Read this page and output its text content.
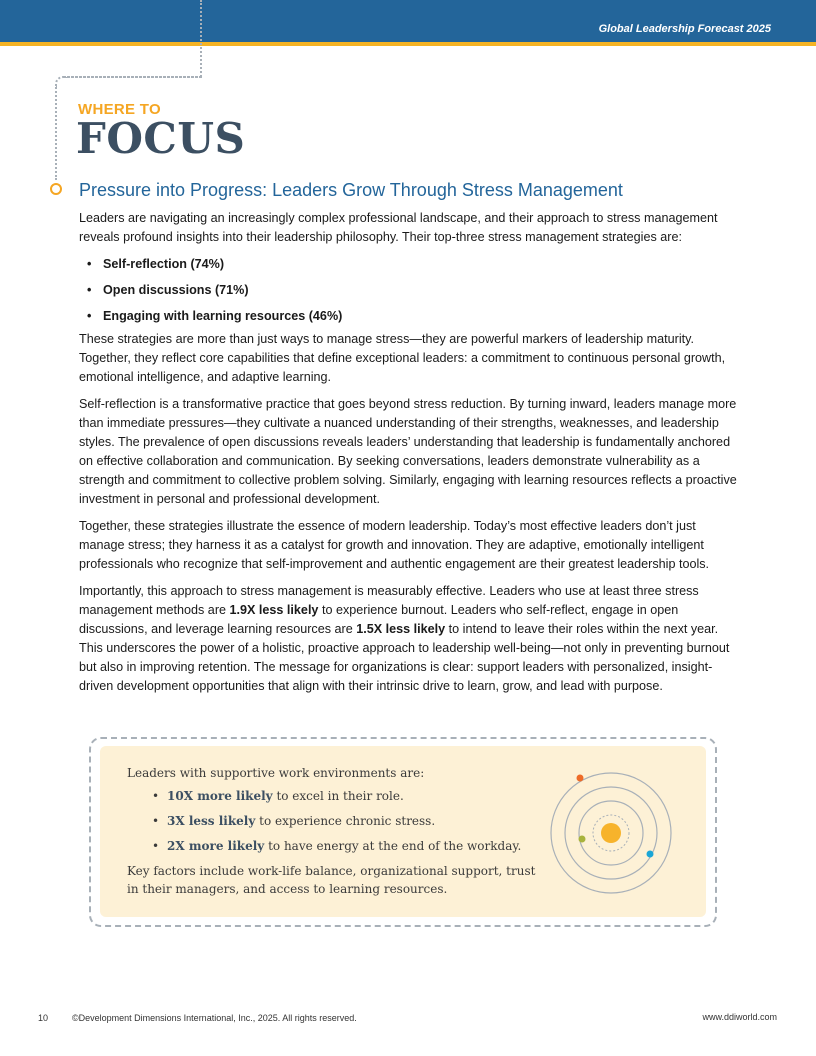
Global Leadership Forecast 2025
WHERE TO
FOCUS
Pressure into Progress: Leaders Grow Through Stress Management

Leaders are navigating an increasingly complex professional landscape, and their approach to stress management reveals profound insights into their leadership philosophy. Their top-three stress management strategies are:

• Self-reflection (74%)
• Open discussions (71%)
• Engaging with learning resources (46%)

These strategies are more than just ways to manage stress—they are powerful markers of leadership maturity. Together, they reflect core capabilities that define exceptional leaders: a commitment to continuous personal growth, emotional intelligence, and adaptive learning.

Self-reflection is a transformative practice that goes beyond stress reduction. By turning inward, leaders manage more than immediate pressures—they cultivate a nuanced understanding of their strengths, weaknesses, and leadership styles. The prevalence of open discussions reveals leaders’ understanding that leadership is fundamentally anchored on effective collaboration and communication. By seeking conversations, leaders demonstrate vulnerability as a strength and commitment to collective problem solving. Similarly, engaging with learning resources reflects a proactive investment in personal and professional development.

Together, these strategies illustrate the essence of modern leadership. Today’s most effective leaders don’t just manage stress; they harness it as a catalyst for growth and innovation. They are adaptive, emotionally intelligent professionals who recognize that self-improvement and authentic engagement are their greatest leadership tools.

Importantly, this approach to stress management is measurably effective. Leaders who use at least three stress management methods are 1.9X less likely to experience burnout. Leaders who self-reflect, engage in open discussions, and leverage learning resources are 1.5X less likely to intend to leave their roles within the next year. This underscores the power of a holistic, proactive approach to leadership well-being—not only in preventing burnout but also in improving retention. The message for organizations is clear: support leaders with personalized, insight-driven development opportunities that align with their intrinsic drive to learn, grow, and lead with purpose.

Leaders with supportive work environments are:

• 10X more likely to excel in their role.
• 3X less likely to experience chronic stress.
• 2X more likely to have energy at the end of the workday.

Key factors include work-life balance, organizational support, trust in their managers, and access to learning resources.

10	©Development Dimensions International, Inc., 2025. All rights reserved.	www.ddiworld.com
